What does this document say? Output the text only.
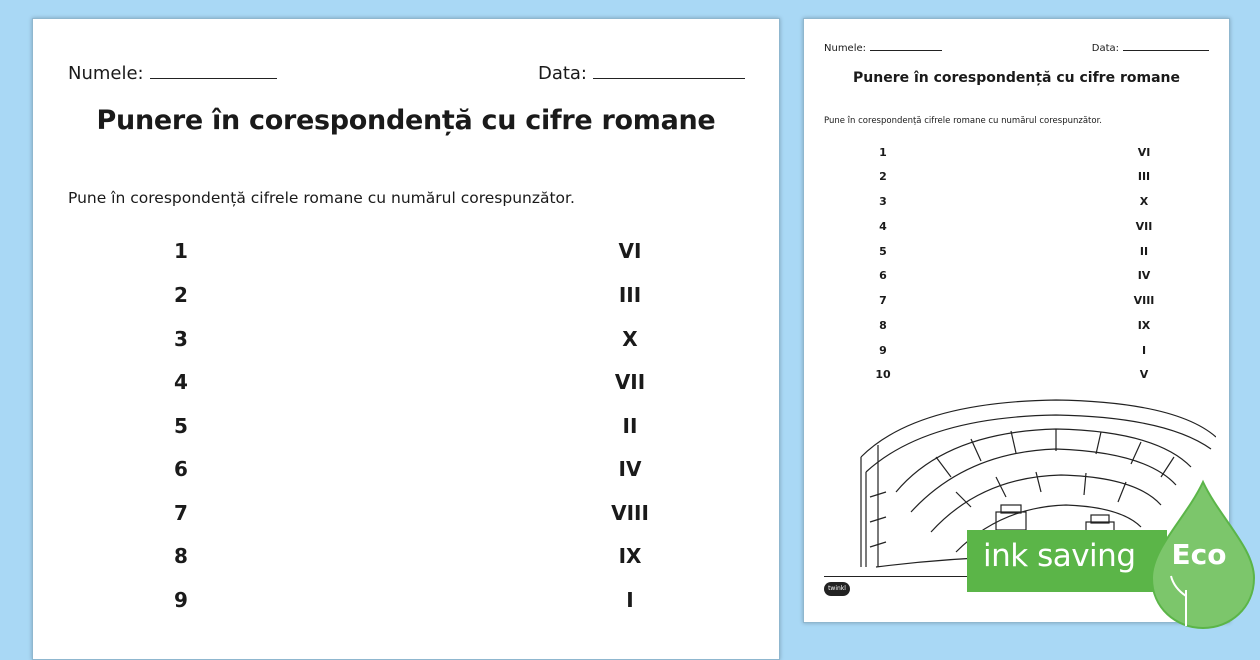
Numele:	Data:
Punere în corespondență cu cifre romane
Pune în corespondență cifrele romane cu numărul corespunzător.
1	VI
2	III
3	X
4	VII
5	II
6	IV
7	VIII
8	IX
9	I
Numele:	Data:
Punere în corespondență cu cifre romane
Pune în corespondență cifrele romane cu numărul corespunzător.
1	VI
2	III
3	X
4	VII
5	II
6	IV
7	VIII
8	IX
9	I
10	V
twinkl
ink saving	Eco
